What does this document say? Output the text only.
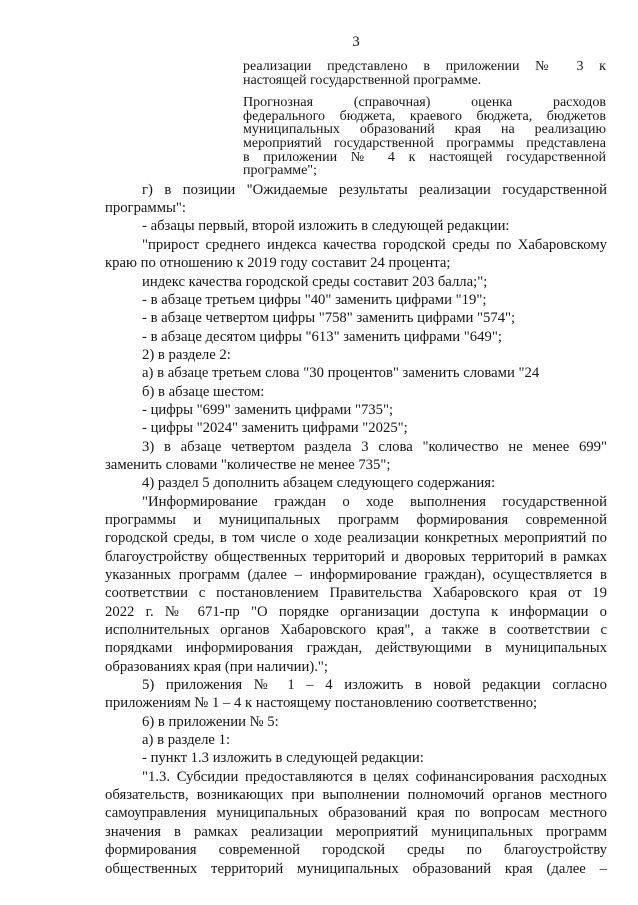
3
реализации представлено в приложении № 3 к
настоящей государственной программе.
Прогнозная (справочная) оценка расходов
федерального бюджета, краевого бюджета, бюджетов
муниципальных образований края на реализацию
мероприятий государственной программы представлена
в приложении № 4 к настоящей государственной
программе";
г) в позиции "Ожидаемые результаты реализации государственной
программы":
- абзацы первый, второй изложить в следующей редакции:
"прирост среднего индекса качества городской среды по Хабаровскому
краю по отношению к 2019 году составит 24 процента;
индекс качества городской среды составит 203 балла;";
- в абзаце третьем цифры "40" заменить цифрами "19";
- в абзаце четвертом цифры "758" заменить цифрами "574";
- в абзаце десятом цифры "613" заменить цифрами "649";
2) в разделе 2:
а) в абзаце третьем слова "30 процентов" заменить словами "24
б) в абзаце шестом:
- цифры "699" заменить цифрами "735";
- цифры "2024" заменить цифрами "2025";
3) в абзаце четвертом раздела 3 слова "количество не менее 699"
заменить словами "количестве не менее 735";
4) раздел 5 дополнить абзацем следующего содержания:
"Информирование граждан о ходе выполнения государственной
программы и муниципальных программ формирования современной
городской среды, в том числе о ходе реализации конкретных мероприятий по
благоустройству общественных территорий и дворовых территорий в рамках
указанных программ (далее – информирование граждан), осуществляется в
соответствии с постановлением Правительства Хабаровского края от 19
2022 г. № 671-пр "О порядке организации доступа к информации о
исполнительных органов Хабаровского края", а также в соответствии с
порядками информирования граждан, действующими в муниципальных
образованиях края (при наличии).";
5) приложения № 1 – 4 изложить в новой редакции согласно
приложениям № 1 – 4 к настоящему постановлению соответственно;
6) в приложении № 5:
а) в разделе 1:
- пункт 1.3 изложить в следующей редакции:
"1.3. Субсидии предоставляются в целях софинансирования расходных
обязательств, возникающих при выполнении полномочий органов местного
самоуправления муниципальных образований края по вопросам местного
значения в рамках реализации мероприятий муниципальных программ
формирования современной городской среды по благоустройству
общественных территорий муниципальных образований края (далее –
